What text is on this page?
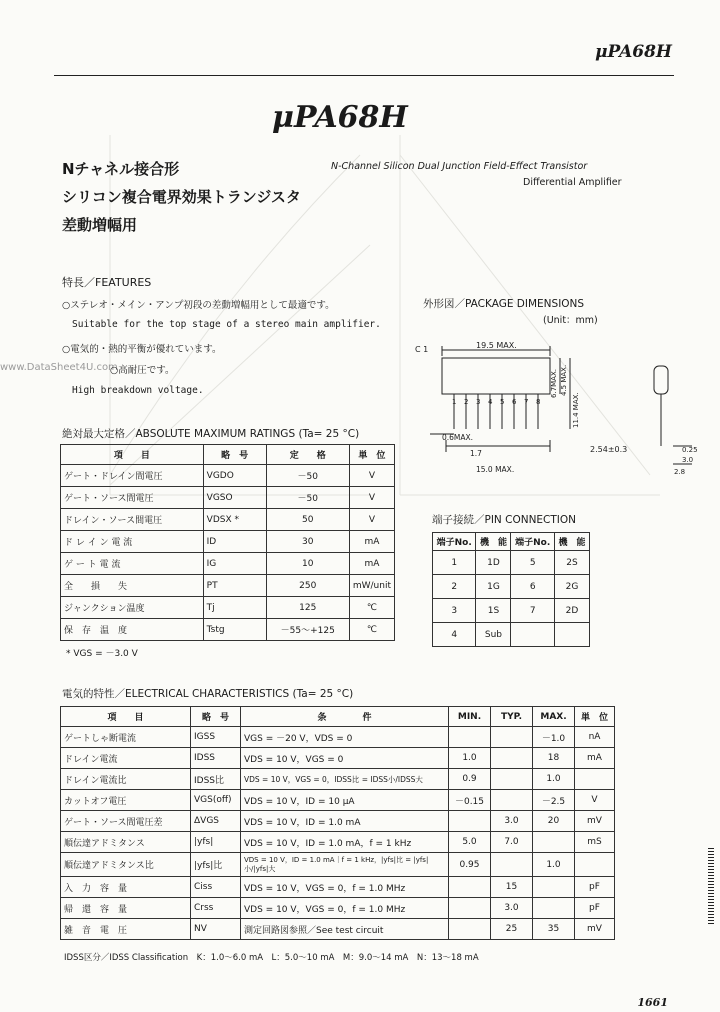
μPA68H
μPA68H
Nチャネル接合形
シリコン複合電界効果トランジスタ
差動増幅用
N-Channel Silicon Dual Junction Field-Effect Transistor
Differential Amplifier
特長／FEATURES
○ステレオ・メイン・アンプ初段の差動増幅用として最適です。
Suitable for the top stage of a stereo main amplifier.
○電気的・熱的平衡が優れています。
www.DataSheet4U.com
○高耐圧です。
High breakdown voltage.
外形図／PACKAGE DIMENSIONS
(Unit：mm)
C 1	19.5 MAX.
6.7MAX. 4.5 MAX.
11.4 MAX.
0.6MAX.
2.54±0.3
1.7
15.0 MAX.
0.25
3.0
2.8
1 2 3 4 5 6 7 8
絶対最大定格／ABSOLUTE MAXIMUM RATINGS (Ta= 25 °C)
項　　目	略　号	定　　格	単　位
ゲート・ドレイン間電圧	VGDO	－50	V
ゲート・ソース間電圧	VGSO	－50	V
ドレイン・ソース間電圧	VDSX *	50	V
ド レ イ ン 電 流	ID	30	mA
ゲ ー ト 電 流	IG	10	mA
全　　損　　失	PT	250	mW/unit
ジャンクション温度	Tj	125	℃
保　存　温　度	Tstg	－55～+125	℃
* VGS = －3.0 V
端子接続／PIN CONNECTION
端子No.	機　能	端子No.	機　能
1	1D	5	2S
2	1G	6	2G
3	1S	7	2D
4	Sub		
電気的特性／ELECTRICAL CHARACTERISTICS (Ta= 25 °C)
項　　目	略　号	条　　　　件	MIN.	TYP.	MAX.	単　位
ゲートしゃ断電流	IGSS	VGS = －20 V，VDS = 0			－1.0	nA
ドレイン電流	IDSS	VDS = 10 V，VGS = 0	1.0		18	mA
ドレイン電流比	IDSS比	VDS = 10 V，VGS = 0，IDSS比 = IDSS小/IDSS大	0.9		1.0	
カットオフ電圧	VGS(off)	VDS = 10 V，ID = 10 μA	－0.15		－2.5	V
ゲート・ソース間電圧差	ΔVGS	VDS = 10 V，ID = 1.0 mA		3.0	20	mV
順伝達アドミタンス	|yfs|	VDS = 10 V，ID = 1.0 mA，f = 1 kHz	5.0	7.0		mS
順伝達アドミタンス比	|yfs|比	VDS = 10 V，ID = 1.0 mA｜f = 1 kHz，|yfs|比 = |yfs|小/|yfs|大	0.95		1.0	
入　力　容　量	Ciss	VDS = 10 V，VGS = 0，f = 1.0 MHz		15		pF
帰　還　容　量	Crss	VDS = 10 V，VGS = 0，f = 1.0 MHz		3.0		pF
雑　音　電　圧	NV	測定回路図参照／See test circuit		25	35	mV
IDSS区分／IDSS Classification　K：1.0～6.0 mA　L：5.0～10 mA　M：9.0～14 mA　N：13～18 mA
1661
